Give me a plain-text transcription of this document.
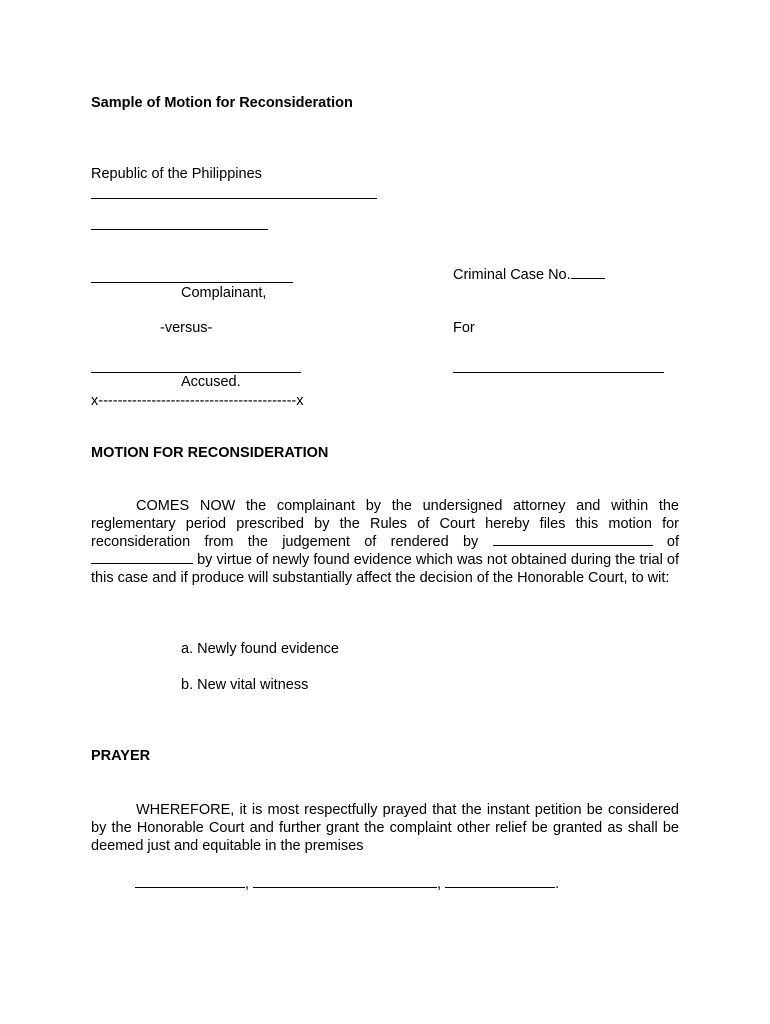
Sample of Motion for Reconsideration
Republic of the Philippines
Complainant,
-versus-
Accused.
x-----------------------------------------x
Criminal Case No.
For
MOTION FOR RECONSIDERATION
COMES NOW the complainant by the undersigned attorney and within the reglementary period prescribed by the Rules of Court hereby files this motion for reconsideration from the judgement of rendered by	of  by virtue of newly found evidence which was not obtained during the trial of this case and if produce will substantially affect the decision of the Honorable Court, to wit:
a. Newly found evidence
b. New vital witness
PRAYER
WHEREFORE, it is most respectfully prayed that the instant petition be considered by the Honorable Court and further grant the complaint other relief be granted as shall be deemed just and equitable in the premises
,	,	.
